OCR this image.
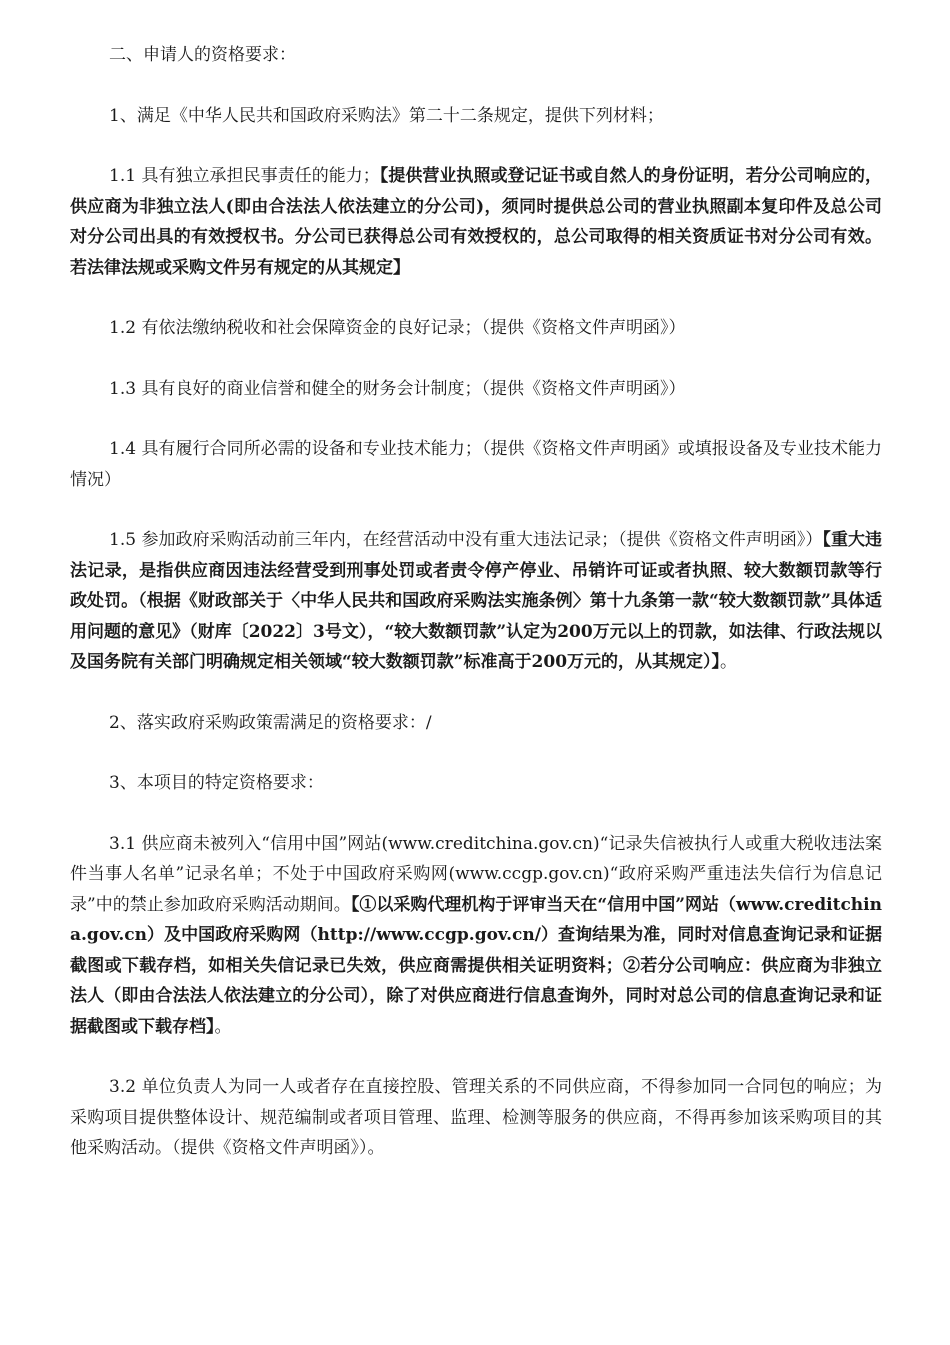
二、申请人的资格要求：

1、满足《中华人民共和国政府采购法》第二十二条规定，提供下列材料；

1.1 具有独立承担民事责任的能力；【提供营业执照或登记证书或自然人的身份证明，若分公司响应的，供应商为非独立法人(即由合法法人依法建立的分公司)，须同时提供总公司的营业执照副本复印件及总公司对分公司出具的有效授权书。分公司已获得总公司有效授权的，总公司取得的相关资质证书对分公司有效。若法律法规或采购文件另有规定的从其规定】

1.2 有依法缴纳税收和社会保障资金的良好记录；（提供《资格文件声明函》）

1.3 具有良好的商业信誉和健全的财务会计制度；（提供《资格文件声明函》）

1.4 具有履行合同所必需的设备和专业技术能力；（提供《资格文件声明函》或填报设备及专业技术能力情况）

1.5 参加政府采购活动前三年内，在经营活动中没有重大违法记录；（提供《资格文件声明函》）【重大违法记录，是指供应商因违法经营受到刑事处罚或者责令停产停业、吊销许可证或者执照、较大数额罚款等行政处罚。（根据《财政部关于〈中华人民共和国政府采购法实施条例〉第十九条第一款“较大数额罚款”具体适用问题的意见》（财库〔2022〕3号文），“较大数额罚款”认定为200万元以上的罚款，如法律、行政法规以及国务院有关部门明确规定相关领域“较大数额罚款”标准高于200万元的，从其规定）】。

2、落实政府采购政策需满足的资格要求：/

3、本项目的特定资格要求：

3.1 供应商未被列入“信用中国”网站(www.creditchina.gov.cn)“记录失信被执行人或重大税收违法案件当事人名单”记录名单；不处于中国政府采购网(www.ccgp.gov.cn)“政府采购严重违法失信行为信息记录”中的禁止参加政府采购活动期间。【①以采购代理机构于评审当天在“信用中国”网站（www.creditchina.gov.cn）及中国政府采购网（http://www.ccgp.gov.cn/）查询结果为准，同时对信息查询记录和证据截图或下载存档，如相关失信记录已失效，供应商需提供相关证明资料；②若分公司响应：供应商为非独立法人（即由合法法人依法建立的分公司），除了对供应商进行信息查询外，同时对总公司的信息查询记录和证据截图或下载存档】。

3.2 单位负责人为同一人或者存在直接控股、管理关系的不同供应商，不得参加同一合同包的响应；为采购项目提供整体设计、规范编制或者项目管理、监理、检测等服务的供应商，不得再参加该采购项目的其他采购活动。（提供《资格文件声明函》）。
